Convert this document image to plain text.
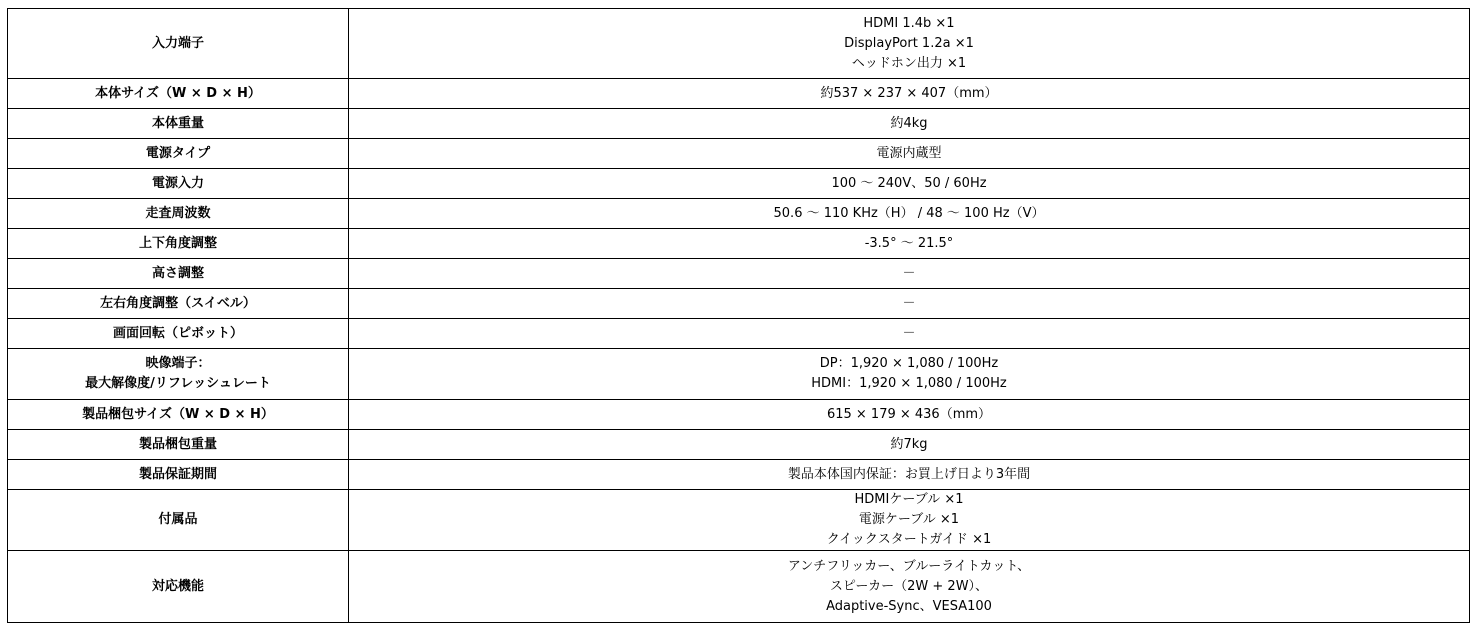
入力端子	HDMI 1.4b ×1
DisplayPort 1.2a ×1
ヘッドホン出力 ×1

本体サイズ（W × D × H）	約537 × 237 × 407（mm）

本体重量	約4kg

電源タイプ	電源内蔵型

電源入力	100 ～ 240V、50 / 60Hz

走査周波数	50.6 ～ 110 KHz（H） / 48 ～ 100 Hz（V）

上下角度調整	-3.5° ～ 21.5°

高さ調整	－

左右角度調整（スイベル）	－

画面回転（ピボット）	－

映像端子：
最大解像度/リフレッシュレート	DP：1,920 × 1,080 / 100Hz
HDMI：1,920 × 1,080 / 100Hz

製品梱包サイズ（W × D × H）	615 × 179 × 436（mm）

製品梱包重量	約7kg

製品保証期間	製品本体国内保証：お買上げ日より3年間

付属品	HDMIケーブル ×1
電源ケーブル ×1
クイックスタートガイド ×1

対応機能	アンチフリッカー、ブルーライトカット、
スピーカー（2W + 2W）、
Adaptive-Sync、VESA100
